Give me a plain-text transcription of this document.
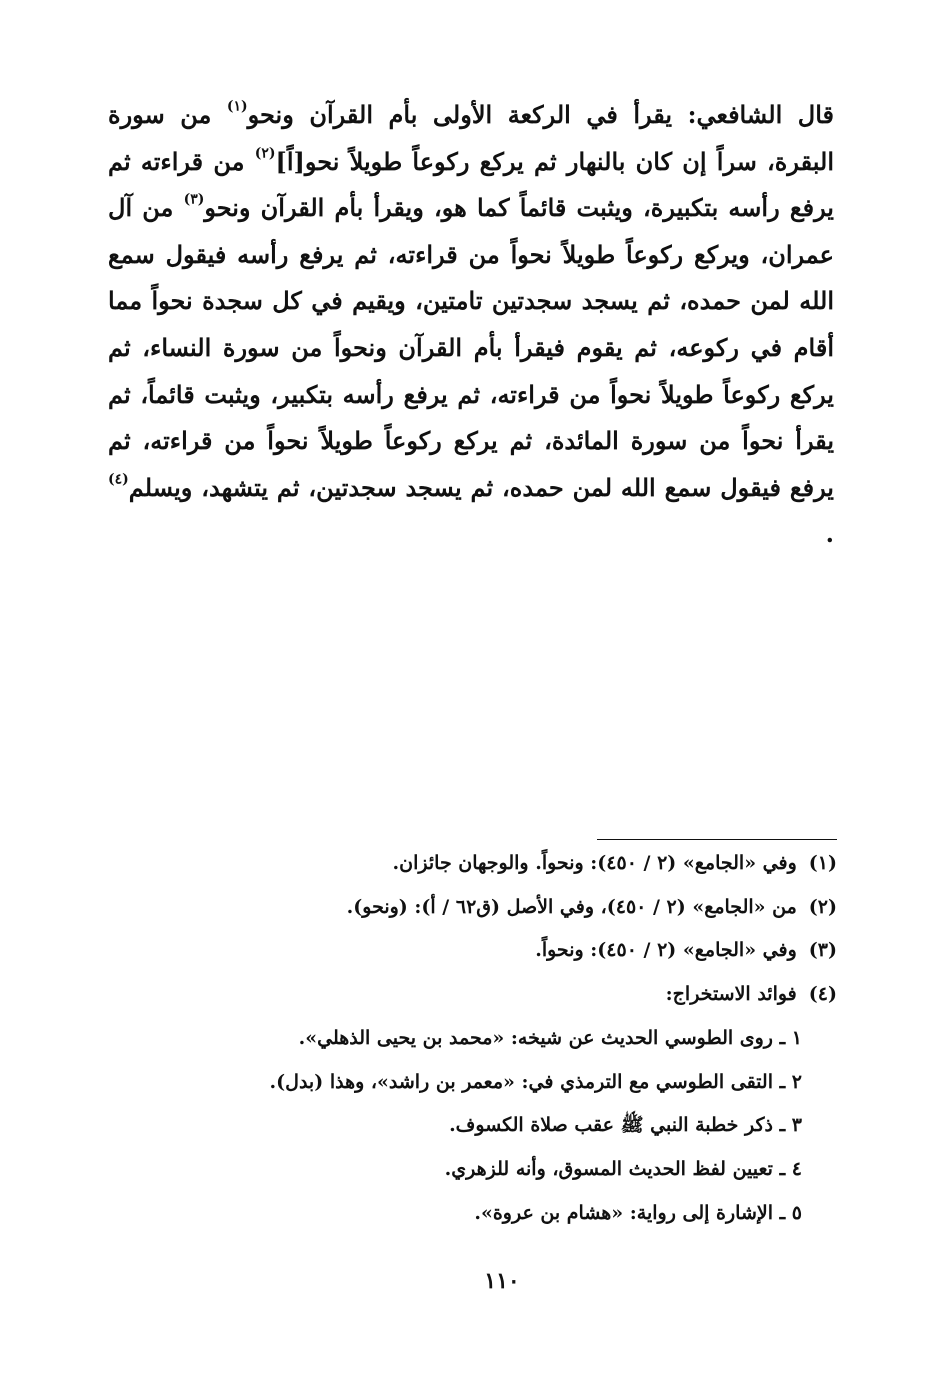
قال الشافعي: يقرأ في الركعة الأولى بأم القرآن ونحو$^{(١)}$ من سورة البقرة، سراً إن كان بالنهار ثم يركع ركوعاً طويلاً نحو[اً]$^{(٢)}$ من قراءته ثم يرفع رأسه بتكبيرة، ويثبت قائماً كما هو، ويقرأ بأم القرآن ونحو$^{(٣)}$ من آل عمران، ويركع ركوعاً طويلاً نحواً من قراءته، ثم يرفع رأسه فيقول سمع الله لمن حمده، ثم يسجد سجدتين تامتين، ويقيم في كل سجدة نحواً مما أقام في ركوعه، ثم يقوم فيقرأ بأم القرآن ونحواً من سورة النساء، ثم يركع ركوعاً طويلاً نحواً من قراءته، ثم يرفع رأسه بتكبير، ويثبت قائماً، ثم يقرأ نحواً من سورة المائدة، ثم يركع ركوعاً طويلاً نحواً من قراءته، ثم يرفع فيقول سمع الله لمن حمده، ثم يسجد سجدتين، ثم يتشهد، ويسلم$^{(٤)}$ .
(١)وفي «الجامع» (٢ / ٤٥٠): ونحواً. والوجهان جائزان.
(٢)من «الجامع» (٢ / ٤٥٠)، وفي الأصل (ق٦٢ / أ): (ونحو).
(٣)وفي «الجامع» (٢ / ٤٥٠): ونحواً.
(٤)فوائد الاستخراج:
١ ـ روى الطوسي الحديث عن شيخه: «محمد بن يحيى الذهلي».
٢ ـ التقى الطوسي مع الترمذي في: «معمر بن راشد»، وهذا (بدل).
٣ ـ ذكر خطبة النبي ﷺ عقب صلاة الكسوف.
٤ ـ تعيين لفظ الحديث المسوق، وأنه للزهري.
٥ ـ الإشارة إلى رواية: «هشام بن عروة».
١١٠
